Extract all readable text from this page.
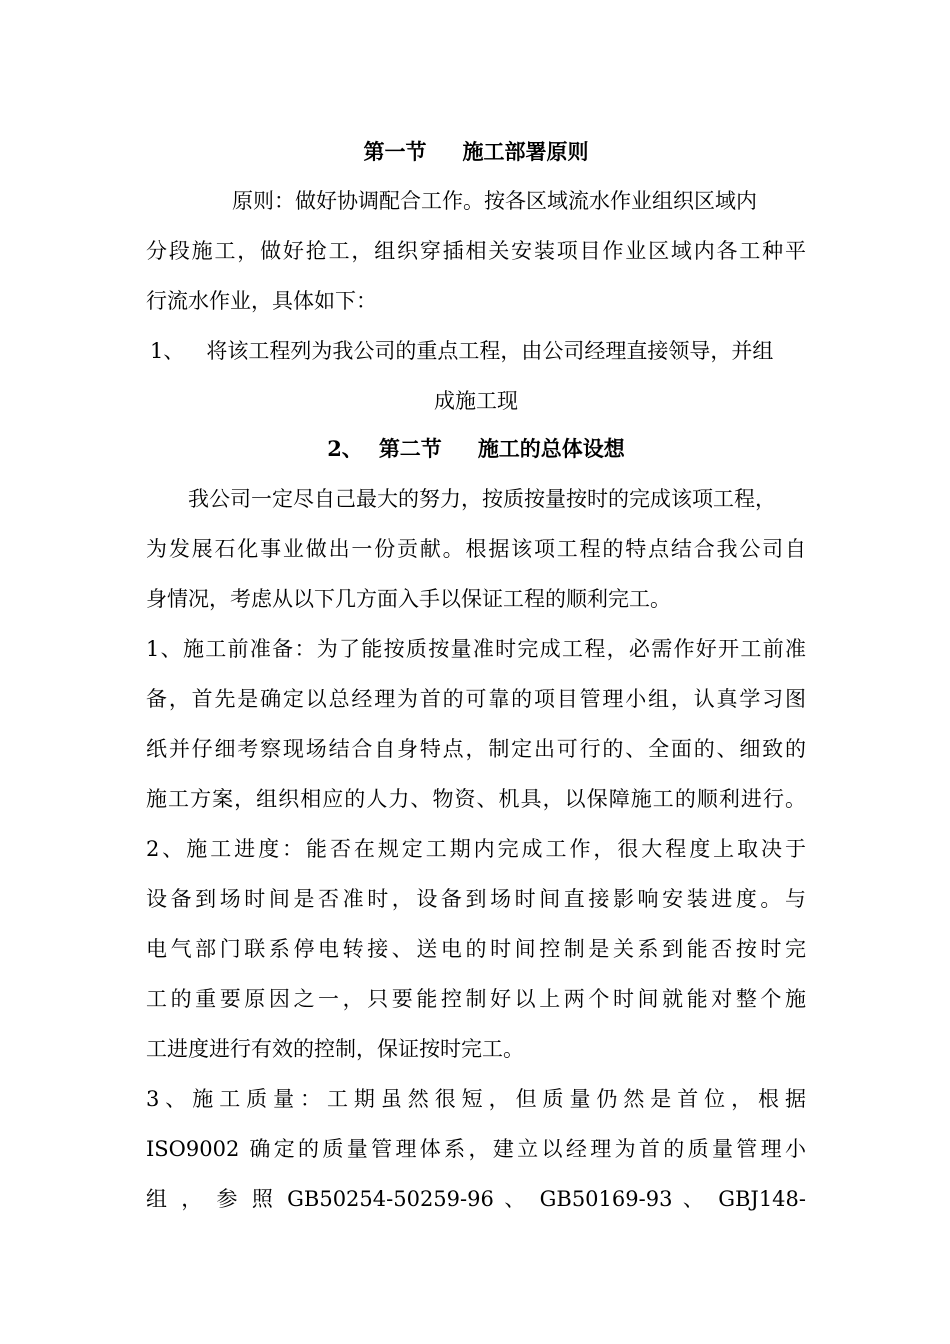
第一节 施工部署原则
原则：做好协调配合工作。按各区域流水作业组织区域内
分段施工，做好抢工，组织穿插相关安装项目作业区域内各工种平
行流水作业，具体如下：
1、 将该工程列为我公司的重点工程，由公司经理直接领导，并组
成施工现
2、 第二节 施工的总体设想
我公司一定尽自己最大的努力，按质按量按时的完成该项工程，
为发展石化事业做出一份贡献。根据该项工程的特点结合我公司自
身情况，考虑从以下几方面入手以保证工程的顺利完工。
1、施工前准备：为了能按质按量准时完成工程，必需作好开工前准
备，首先是确定以总经理为首的可靠的项目管理小组，认真学习图
纸并仔细考察现场结合自身特点，制定出可行的、全面的、细致的
施工方案，组织相应的人力、物资、机具，以保障施工的顺利进行。
2、施工进度：能否在规定工期内完成工作，很大程度上取决于
设备到场时间是否准时，设备到场时间直接影响安装进度。与
电气部门联系停电转接、送电的时间控制是关系到能否按时完
工的重要原因之一，只要能控制好以上两个时间就能对整个施
工进度进行有效的控制，保证按时完工。
3、施工质量：工期虽然很短，但质量仍然是首位，根据
ISO9002 确定的质量管理体系，建立以经理为首的质量管理小
组 ， 参 照 GB50254-50259-96 、 GB50169-93 、 GBJ148-
